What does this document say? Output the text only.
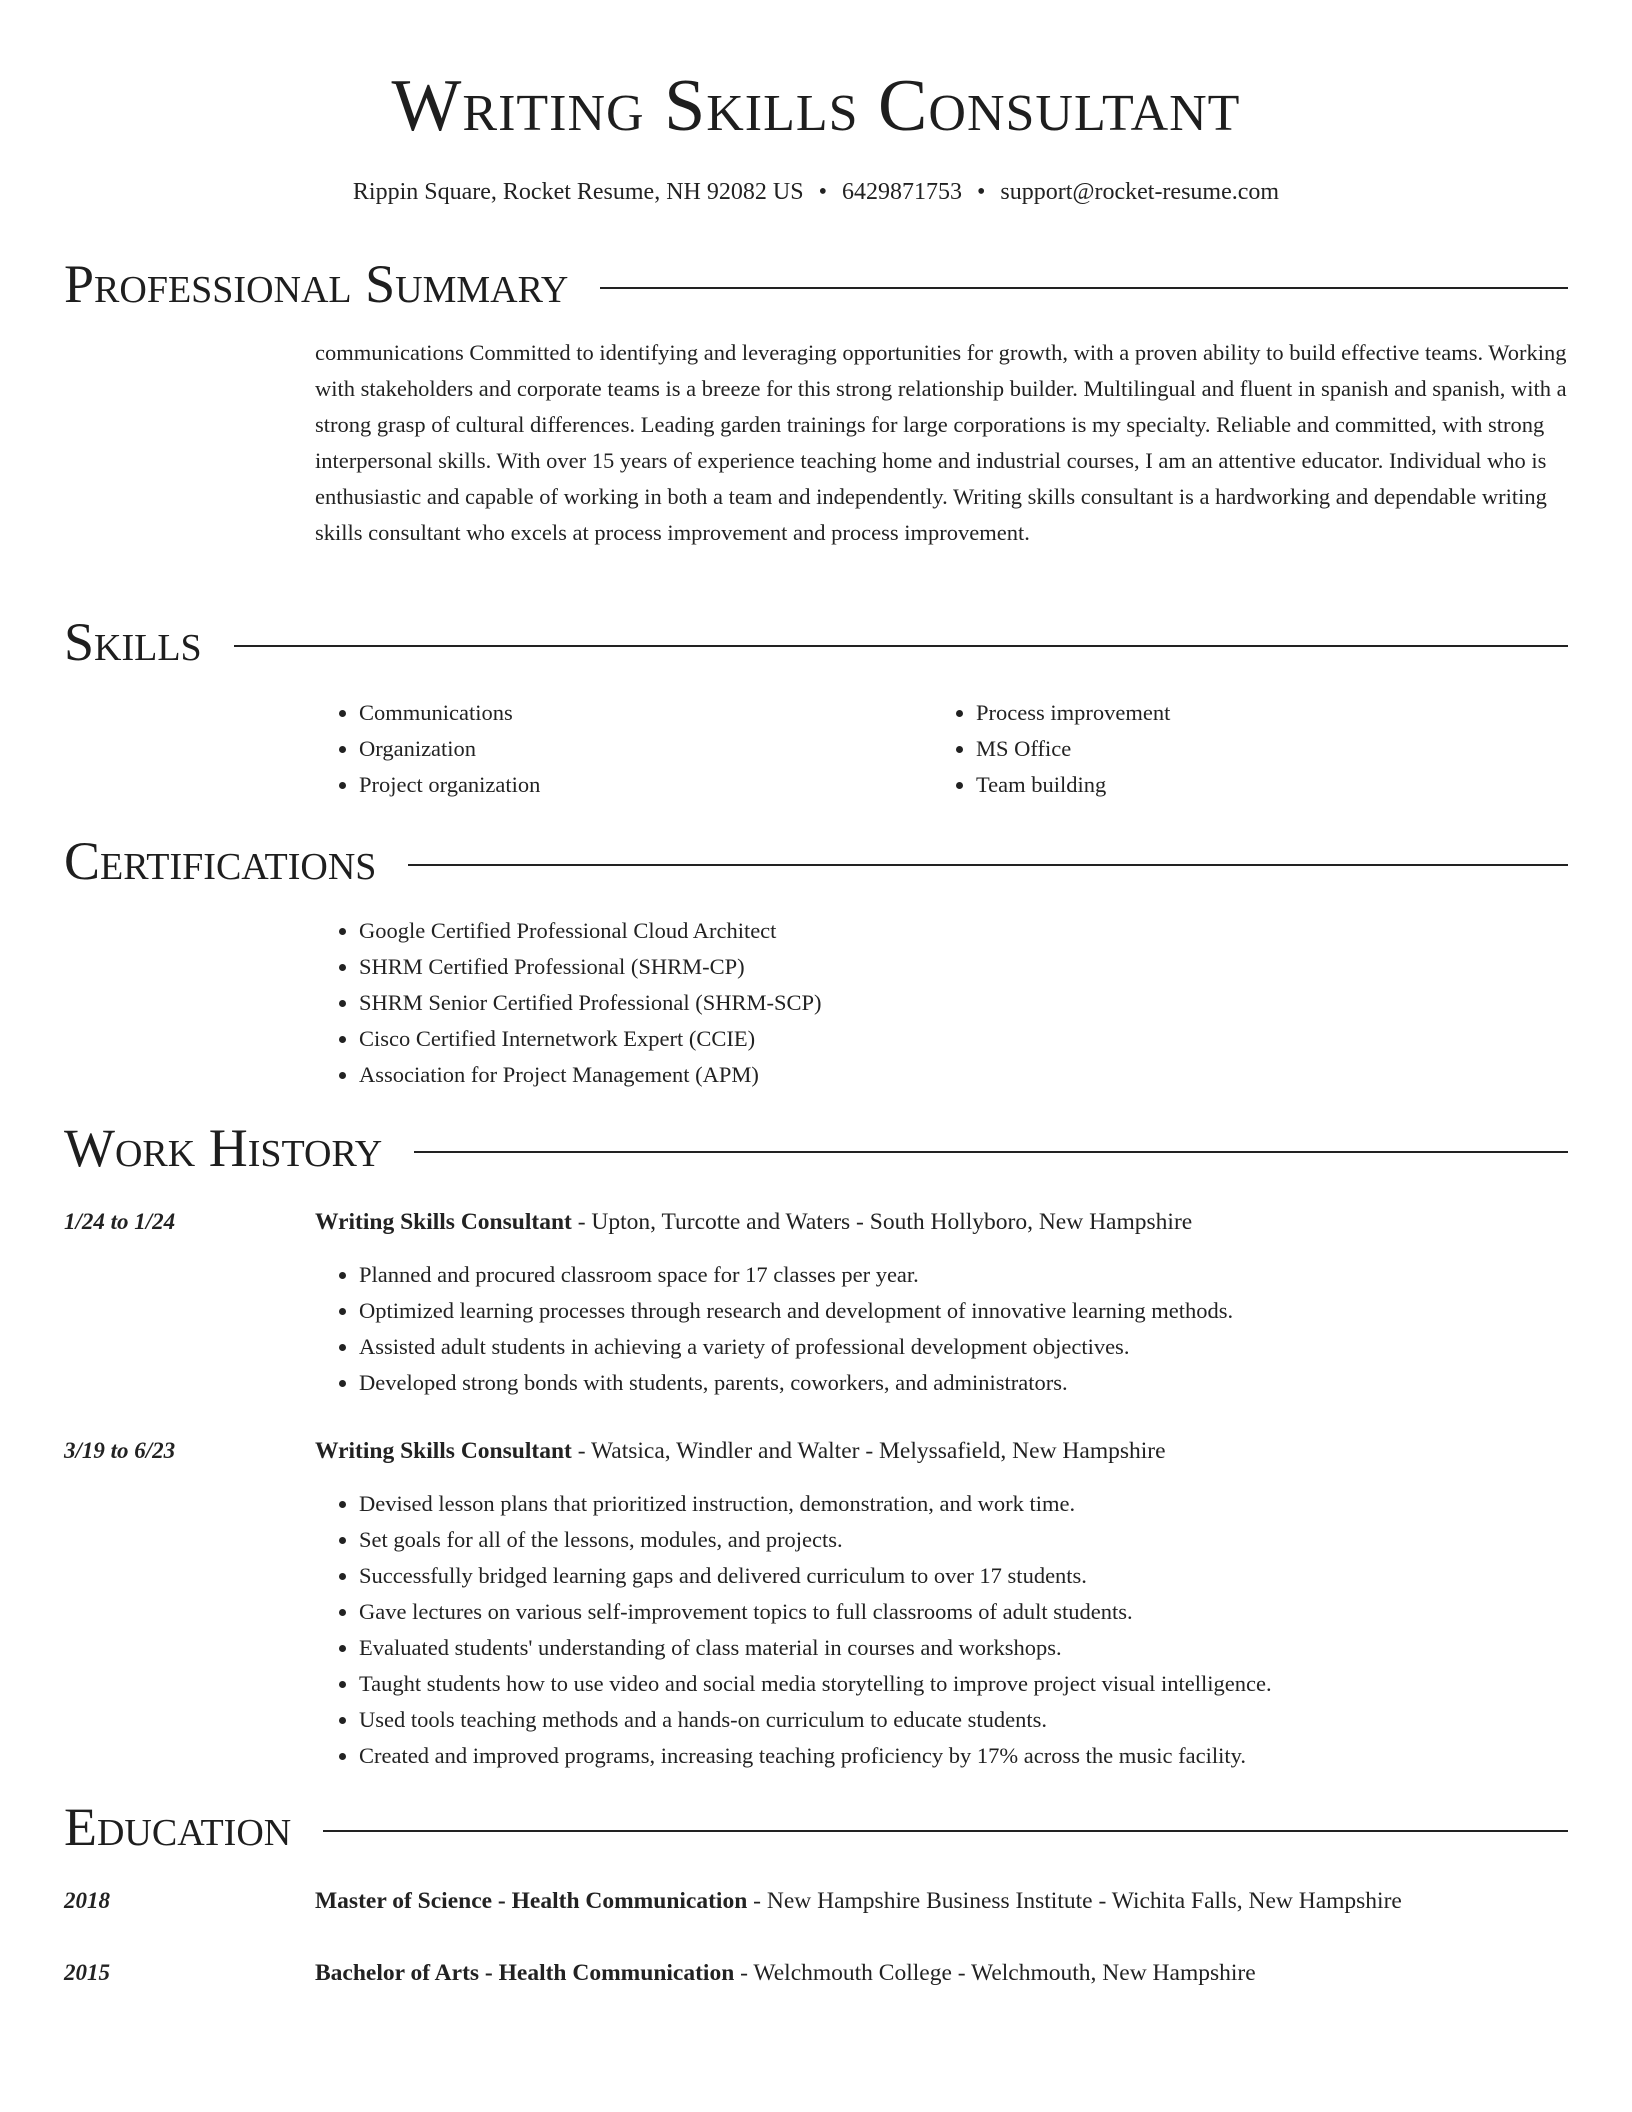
Writing Skills Consultant
Rippin Square, Rocket Resume, NH 92082 US • 6429871753 • support@rocket-resume.com
Professional Summary

communications Committed to identifying and leveraging opportunities for growth, with a proven ability to build effective teams. Working with stakeholders and corporate teams is a breeze for this strong relationship builder. Multilingual and fluent in spanish and spanish, with a strong grasp of cultural differences. Leading garden trainings for large corporations is my specialty. Reliable and committed, with strong interpersonal skills. With over 15 years of experience teaching home and industrial courses, I am an attentive educator. Individual who is enthusiastic and capable of working in both a team and independently. Writing skills consultant is a hardworking and dependable writing skills consultant who excels at process improvement and process improvement.

Skills
• Communications
• Organization
• Project organization
• Process improvement
• MS Office
• Team building
Certifications
• Google Certified Professional Cloud Architect
• SHRM Certified Professional (SHRM-CP)
• SHRM Senior Certified Professional (SHRM-SCP)
• Cisco Certified Internetwork Expert (CCIE)
• Association for Project Management (APM)
Work History
1/24 to 1/24	Writing Skills Consultant - Upton, Turcotte and Waters - South Hollyboro, New Hampshire
• Planned and procured classroom space for 17 classes per year.
• Optimized learning processes through research and development of innovative learning methods.
• Assisted adult students in achieving a variety of professional development objectives.
• Developed strong bonds with students, parents, coworkers, and administrators.
3/19 to 6/23	Writing Skills Consultant - Watsica, Windler and Walter - Melyssafield, New Hampshire
• Devised lesson plans that prioritized instruction, demonstration, and work time.
• Set goals for all of the lessons, modules, and projects.
• Successfully bridged learning gaps and delivered curriculum to over 17 students.
• Gave lectures on various self-improvement topics to full classrooms of adult students.
• Evaluated students' understanding of class material in courses and workshops.
• Taught students how to use video and social media storytelling to improve project visual intelligence.
• Used tools teaching methods and a hands-on curriculum to educate students.
• Created and improved programs, increasing teaching proficiency by 17% across the music facility.
Education
2018	Master of Science - Health Communication - New Hampshire Business Institute - Wichita Falls, New Hampshire
2015	Bachelor of Arts - Health Communication - Welchmouth College - Welchmouth, New Hampshire
